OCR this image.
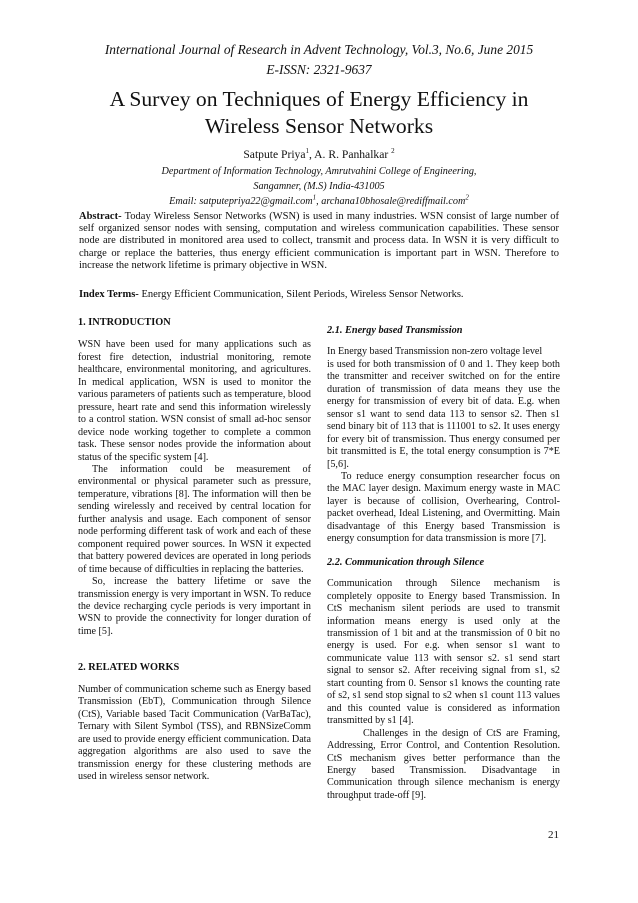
International Journal of Research in Advent Technology, Vol.3, No.6, June 2015
E-ISSN: 2321-9637
A Survey on Techniques of Energy Efficiency in
Wireless Sensor Networks
Satpute Priya$^1$, A. R. Panhalkar $^2$
Department of Information Technology, Amrutvahini College of Engineering,
Sangamner, (M.S) India-431005
Email: satputepriya22@gmail.com$^1$, archana10bhosale@rediffmail.com$^2$
Abstract- Today Wireless Sensor Networks (WSN) is used in many industries. WSN consist of large number of self organized sensor nodes with sensing, computation and wireless communication capabilities. These sensor node are distributed in monitored area used to collect, transmit and process data. In WSN it is very difficult to charge or replace the batteries, thus energy efficient communication is important part in WSN. Therefore to increase the network lifetime is primary objective in WSN.
Index Terms- Energy Efficient Communication, Silent Periods, Wireless Sensor Networks.
1. INTRODUCTION

WSN have been used for many applications such as forest fire detection, industrial monitoring, remote healthcare, environmental monitoring, and agricultures. In medical application, WSN is used to monitor the various parameters of patients such as temperature, blood pressure, heart rate and send this information wirelessly to a control station. WSN consist of small ad-hoc sensor device node working together to complete a common task. These sensor nodes provide the information about status of the specific system [4].

The information could be measurement of environmental or physical parameter such as pressure, temperature, vibrations [8]. The information will then be sending wirelessly and received by central location for further analysis and usage. Each component of sensor node performing different task of work and each of these component required power sources. In WSN it expected that battery powered devices are operated in long periods of time because of difficulties in replacing the batteries.

So, increase the battery lifetime or save the transmission energy is very important in WSN. To reduce the device recharging cycle periods is very important in WSN to provide the connectivity for longer duration of time [5].

2. RELATED WORKS

Number of communication scheme such as Energy based Transmission (EbT), Communication through Silence (CtS), Variable based Tacit Communication (VarBaTac), Ternary with Silent Symbol (TSS), and RBNSizeComm are used to provide energy efficient communication. Data aggregation algorithms are also used to save the transmission energy for these clustering methods are used in wireless sensor network.

2.1. Energy based Transmission

In Energy based Transmission non-zero voltage level

is used for both transmission of 0 and 1. They keep both the transmitter and receiver switched on for the entire duration of transmission of data means they use the energy for transmission of every bit of data. E.g. when sensor s1 want to send data 113 to sensor s2. Then s1 send binary bit of 113 that is 111001 to s2. It uses energy for every bit of transmission. Thus energy consumed per bit transmitted is E, the total energy consumption is 7*E [5,6].

To reduce energy consumption researcher focus on the MAC layer design. Maximum energy waste in MAC layer is because of collision, Overhearing, Control-packet overhead, Ideal Listening, and Overmitting. Main disadvantage of this Energy based Transmission is energy consumption for data transmission is more [7].

2.2. Communication through Silence

Communication through Silence mechanism is completely opposite to Energy based Transmission. In CtS mechanism silent periods are used to transmit information means energy is used only at the transmission of 1 bit and at the transmission of 0 bit no energy is used. For e.g. when sensor s1 want to communicate value 113 with sensor s2. s1 send start signal to sensor s2. After receiving signal from s1, s2 start counting from 0. Sensor s1 knows the counting rate of s2, s1 send stop signal to s2 when s1 count 113 values and this counted value is considered as information transmitted by s1 [4].

Challenges in the design of CtS are Framing, Addressing, Error Control, and Contention Resolution. CtS mechanism gives better performance than the Energy based Transmission. Disadvantage in Communication through silence mechanism is energy throughput trade-off [9].

21
